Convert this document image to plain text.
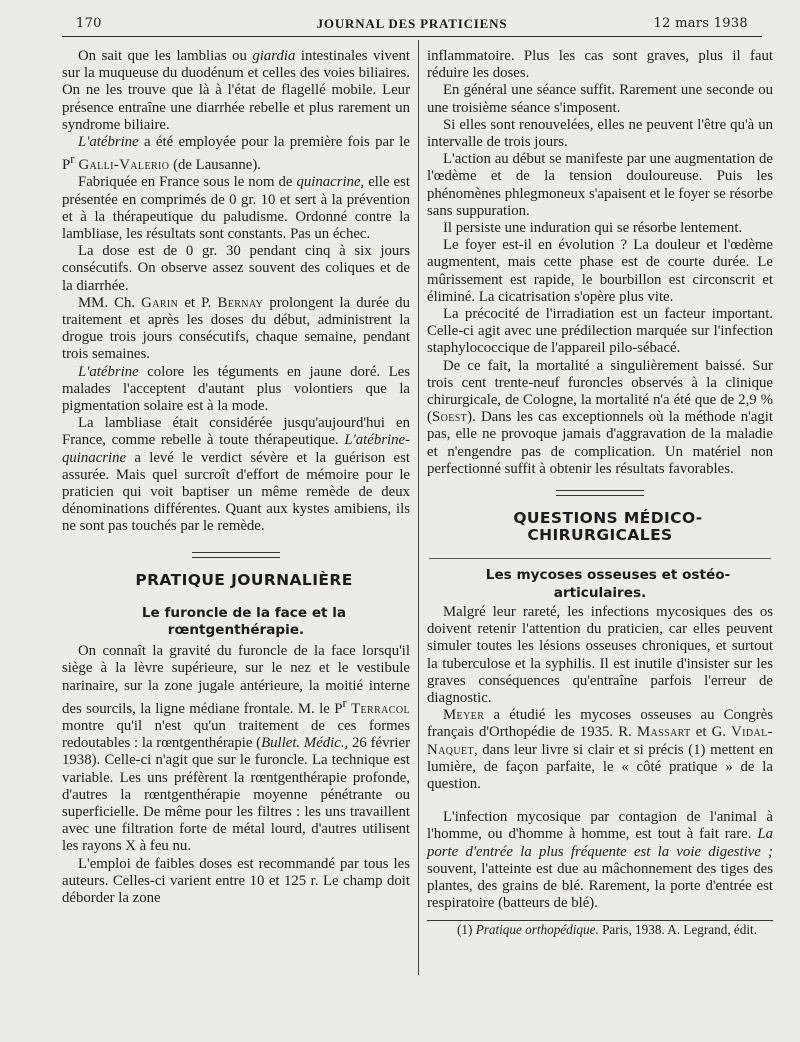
170	JOURNAL DES PRATICIENS	12 mars 1938

On sait que les lamblias ou giardia intestinales vivent sur la muqueuse du duodénum et celles des voies biliaires. On ne les trouve que là à l'état de flagellé mobile. Leur présence entraîne une diarrhée rebelle et plus rarement un syndrome biliaire.

L'atébrine a été employée pour la première fois par le $P^r$ Galli-Valerio (de Lausanne).

Fabriquée en France sous le nom de quinacrine, elle est présentée en comprimés de 0 gr. 10 et sert à la prévention et à la thérapeutique du paludisme. Ordonné contre la lambliase, les résultats sont constants. Pas un échec.

La dose est de 0 gr. 30 pendant cinq à six jours consécutifs. On observe assez souvent des coliques et de la diarrhée.

MM. Ch. Garin et P. Bernay prolongent la durée du traitement et après les doses du début, administrent la drogue trois jours consécutifs, chaque semaine, pendant trois semaines.

L'atébrine colore les téguments en jaune doré. Les malades l'acceptent d'autant plus volontiers que la pigmentation solaire est à la mode.

La lambliase était considérée jusqu'aujourd'hui en France, comme rebelle à toute thérapeutique. L'atébrine-quinacrine a levé le verdict sévère et la guérison est assurée. Mais quel surcroît d'effort de mémoire pour le praticien qui voit baptiser un même remède de deux dénominations différentes. Quant aux kystes amibiens, ils ne sont pas touchés par le remède.

PRATIQUE JOURNALIÈRE

Le furoncle de la face et la rœntgenthérapie.

On connaît la gravité du furoncle de la face lorsqu'il siège à la lèvre supérieure, sur le nez et le vestibule narinaire, sur la zone jugale antérieure, la moitié interne des sourcils, la ligne médiane frontale. M. le $P^r$ Terracol montre qu'il n'est qu'un traitement de ces formes redoutables : la rœntgenthérapie (Bullet. Médic., 26 février 1938). Celle-ci n'agit que sur le furoncle. La technique est variable. Les uns préfèrent la rœntgenthérapie profonde, d'autres la rœntgenthérapie moyenne pénétrante ou superficielle. De même pour les filtres : les uns travaillent avec une filtration forte de métal lourd, d'autres utilisent les rayons X à feu nu.

L'emploi de faibles doses est recommandé par tous les auteurs. Celles-ci varient entre 10 et 125 r. Le champ doit déborder la zone

inflammatoire. Plus les cas sont graves, plus il faut réduire les doses.

En général une séance suffit. Rarement une seconde ou une troisième séance s'imposent.

Si elles sont renouvelées, elles ne peuvent l'être qu'à un intervalle de trois jours.

L'action au début se manifeste par une augmentation de l'œdème et de la tension douloureuse. Puis les phénomènes phlegmoneux s'apaisent et le foyer se résorbe sans suppuration.

Il persiste une induration qui se résorbe lentement.

Le foyer est-il en évolution ? La douleur et l'œdème augmentent, mais cette phase est de courte durée. Le mûrissement est rapide, le bourbillon est circonscrit et éliminé. La cicatrisation s'opère plus vite.

La précocité de l'irradiation est un facteur important. Celle-ci agit avec une prédilection marquée sur l'infection staphylococcique de l'appareil pilo-sébacé.

De ce fait, la mortalité a singulièrement baissé. Sur trois cent trente-neuf furoncles observés à la clinique chirurgicale, de Cologne, la mortalité n'a été que de 2,9 % (Soest). Dans les cas exceptionnels où la méthode n'agit pas, elle ne provoque jamais d'aggravation de la maladie et n'engendre pas de complication. Un matériel non perfectionné suffit à obtenir les résultats favorables.

QUESTIONS MÉDICO-CHIRURGICALES

Les mycoses osseuses et ostéo-articulaires.

Malgré leur rareté, les infections mycosiques des os doivent retenir l'attention du praticien, car elles peuvent simuler toutes les lésions osseuses chroniques, et surtout la tuberculose et la syphilis. Il est inutile d'insister sur les graves conséquences qu'entraîne parfois l'erreur de diagnostic.

Meyer a étudié les mycoses osseuses au Congrès français d'Orthopédie de 1935. R. Massart et G. Vidal-Naquet, dans leur livre si clair et si précis (1) mettent en lumière, de façon parfaite, le « côté pratique » de la question.

L'infection mycosique par contagion de l'animal à l'homme, ou d'homme à homme, est tout à fait rare. La porte d'entrée la plus fréquente est la voie digestive ; souvent, l'atteinte est due au mâchonnement des tiges des plantes, des grains de blé. Rarement, la porte d'entrée est respiratoire (batteurs de blé).

(1) Pratique orthopédique. Paris, 1938. A. Legrand, édit.
